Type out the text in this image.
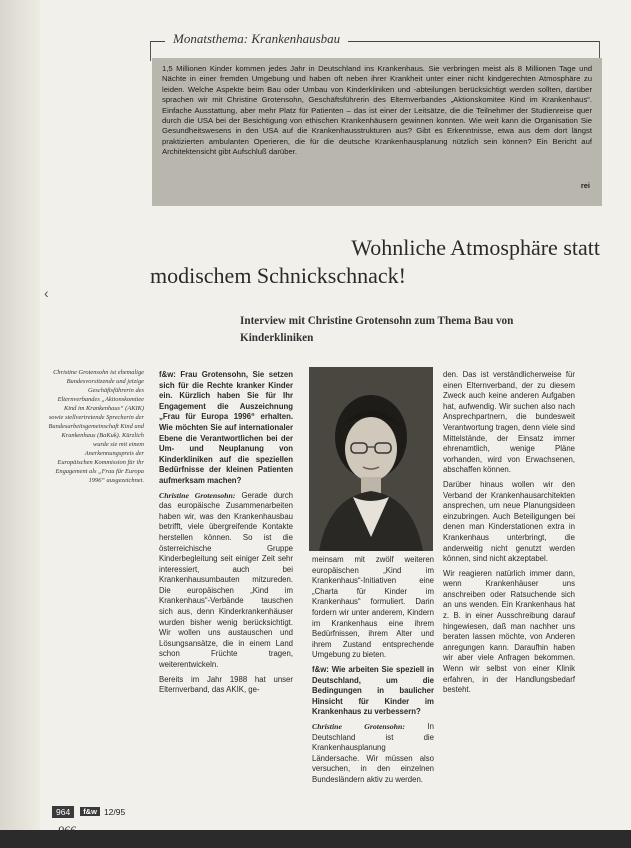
‹
Monatsthema: Krankenhausbau

1,5 Millionen Kinder kommen jedes Jahr in Deutschland ins Krankenhaus. Sie verbringen meist als 8 Millionen Tage und Nächte in einer fremden Umgebung und haben oft neben ihrer Krankheit unter einer nicht kindgerechten Atmosphäre zu leiden. Welche Aspekte beim Bau oder Umbau von Kinderkliniken und -abteilungen berücksichtigt werden sollten, darüber sprachen wir mit Christine Grotensohn, Geschäftsführerin des Elternverbandes „Aktionskomitee Kind im Krankenhaus“. Einfache Ausstattung, aber mehr Platz für Patienten – das ist einer der Leitsätze, die die Teilnehmer der Studienreise quer durch die USA bei der Besichtigung von ethischen Krankenhäusern gewinnen konnten. Wie weit kann die Organisation Sie Gesundheitswesens in den USA auf die Krankenhausstrukturen aus? Gibt es Erkenntnisse, etwa aus dem dort längst praktizierten ambulanten Operieren, die für die deutsche Krankenhausplanung nützlich sein können? Ein Bericht auf Architektensicht gibt Aufschluß darüber.

rei
Wohnliche Atmosphäre statt
modischem Schnickschnack!
Interview mit Christine Grotensohn zum Thema Bau von Kinderkliniken

Christine Grotensohn ist ehemalige Bundesvorsitzende und jetzige Geschäftsführerin des Elternverbandes „Aktionskomitee Kind im Krankenhaus“ (AKIK) sowie stellvertretende Sprecherin der Bundesarbeitsgemeinschaft Kind und Krankenhaus (BaKuk). Kürzlich wurde sie mit einem Anerkennungspreis der Europäischen Kommission für ihr Engagement als „Frau für Europa 1996“ ausgezeichnet.

f&w: Frau Grotensohn, Sie setzen sich für die Rechte kranker Kinder ein. Kürzlich haben Sie für Ihr Engagement die Auszeichnung „Frau für Europa 1996“ erhalten. Wie möchten Sie auf internationaler Ebene die Verantwortlichen bei der Um- und Neuplanung von Kinderkliniken auf die speziellen Bedürfnisse der kleinen Patienten aufmerksam machen?

Christine Grotensohn: Gerade durch das europäische Zusammenarbeiten haben wir, was den Krankenhausbau betrifft, viele übergreifende Kontakte herstellen können. So ist die österreichische Gruppe Kinderbegleitung seit einiger Zeit sehr interessiert, auch bei Krankenhausumbauten mitzureden. Die europäischen „Kind im Krankenhaus“-Verbände tauschen sich aus, denn Kinderkrankenhäuser wurden bisher wenig berücksichtigt. Wir wollen uns austauschen und Lösungsansätze, die in einem Land schon Früchte tragen, weiterentwickeln.

Bereits im Jahr 1988 hat unser Elternverband, das AKIK, ge-

meinsam mit zwölf weiteren europäischen „Kind im Krankenhaus“-Initiativen eine „Charta für Kinder im Krankenhaus“ formuliert. Darin fordern wir unter anderem, Kindern im Krankenhaus eine ihrem Bedürfnissen, ihrem Alter und ihrem Zustand entsprechende Umgebung zu bieten.

f&w: Wie arbeiten Sie speziell in Deutschland, um die Bedingungen in baulicher Hinsicht für Kinder im Krankenhaus zu verbessern?

Christine Grotensohn:	In Deutschland ist die Krankenhausplanung Ländersache. Wir müssen also versuchen, in den einzelnen Bundesländern aktiv zu werden.

den. Das ist verständlicherweise für einen Elternverband, der zu diesem Zweck auch keine anderen Aufgaben hat, aufwendig. Wir suchen also nach Ansprechpartnern, die bundesweit Verantwortung tragen, denn viele sind Mittelstände, der Einsatz immer ehrenamtlich, wenige Pläne vorhanden, wird von Erwachsenen, abschaffen können.

Darüber hinaus wollen wir den Verband der Krankenhausarchitekten ansprechen, um neue Planungsideen einzubringen. Auch Beteiligungen bei denen man Kinderstationen extra in Krankenhaus unterbringt, die anderweitig nicht genutzt werden können, sind nicht akzeptabel.

Wir reagieren natürlich immer dann, wenn Krankenhäuser uns anschreiben oder Ratsuchende sich an uns wenden. Ein Krankenhaus hat z. B. in einer Ausschreibung darauf hingewiesen, daß man nachher uns beraten lassen möchte, von Anderen anregungen kann. Daraufhin haben wir aber viele Anfragen bekommen. Wenn wir selbst von einer Klinik erfahren, in der Handlungsbedarf besteht.

964	f&w 12/95
